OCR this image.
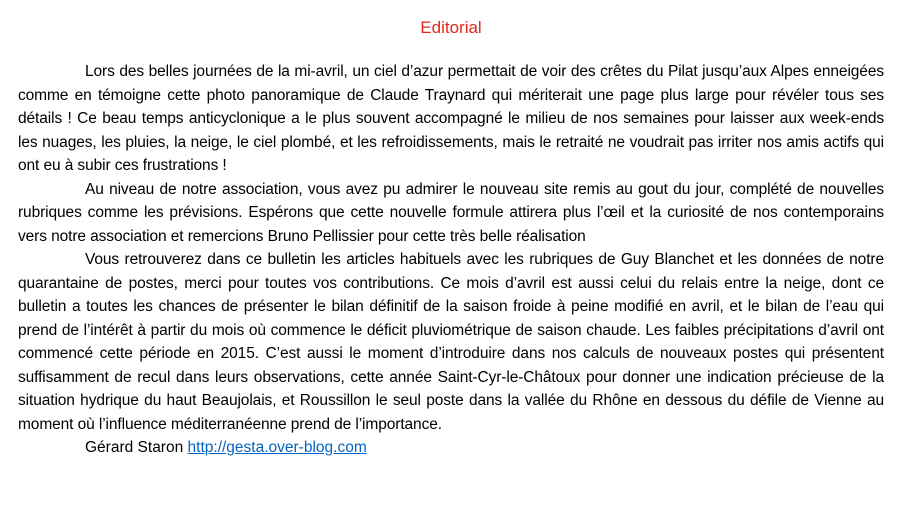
Editorial

Lors des belles journées de la mi-avril, un ciel d’azur permettait de voir des crêtes du Pilat jusqu’aux Alpes enneigées comme en témoigne cette photo panoramique de Claude Traynard qui mériterait une page plus large pour révéler tous ses détails ! Ce beau temps anticyclonique a le plus souvent accompagné le milieu de nos semaines pour laisser aux week-ends les nuages, les pluies, la neige, le ciel plombé, et les refroidissements, mais le retraité ne voudrait pas irriter nos amis actifs qui ont eu à subir ces frustrations !

Au niveau de notre association, vous avez pu admirer le nouveau site remis au gout du jour, complété de nouvelles rubriques comme les prévisions. Espérons que cette nouvelle formule attirera plus l’œil et la curiosité de nos contemporains vers notre association et remercions Bruno Pellissier pour cette très belle réalisation

Vous retrouverez dans ce bulletin les articles habituels avec les rubriques de Guy Blanchet et les données de notre quarantaine de postes, merci pour toutes vos contributions. Ce mois d’avril est aussi celui du relais entre la neige, dont ce bulletin a toutes les chances de présenter le bilan définitif de la saison froide à peine modifié en avril, et le bilan de l’eau qui prend de l’intérêt à partir du mois où commence le déficit pluviométrique de saison chaude. Les faibles précipitations d’avril ont commencé cette période en 2015. C’est aussi le moment d’introduire dans nos calculs de nouveaux postes qui présentent suffisamment de recul dans leurs observations, cette année Saint-Cyr-le-Châtoux pour donner une indication précieuse de la situation hydrique du haut Beaujolais, et Roussillon le seul poste dans la vallée du Rhône en dessous du défile de Vienne au moment où l’influence méditerranéenne prend de l’importance.

Gérard Staron http://gesta.over-blog.com
